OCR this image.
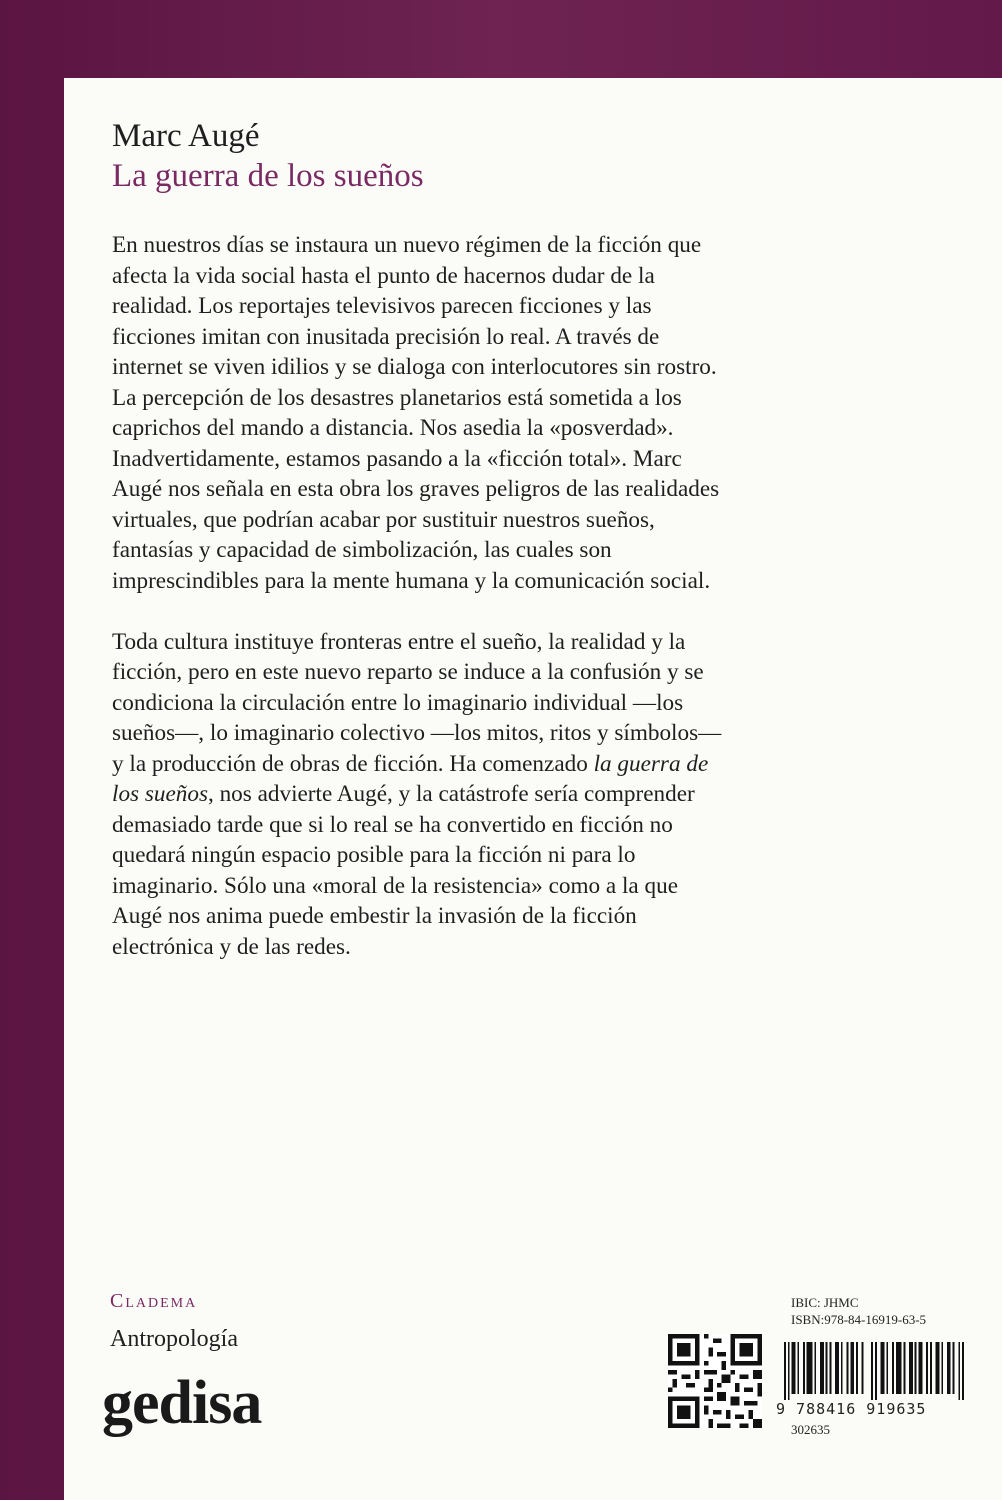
Marc Augé
La guerra de los sueños

En nuestros días se instaura un nuevo régimen de la ficción que afecta la vida social hasta el punto de hacernos dudar de la realidad. Los reportajes televisivos parecen ficciones y las ficciones imitan con inusitada precisión lo real. A través de internet se viven idilios y se dialoga con interlocutores sin rostro. La percepción de los desastres planetarios está sometida a los caprichos del mando a distancia. Nos asedia la «posverdad». Inadvertidamente, estamos pasando a la «ficción total». Marc Augé nos señala en esta obra los graves peligros de las realidades virtuales, que podrían acabar por sustituir nuestros sueños, fantasías y capacidad de simbolización, las cuales son imprescindibles para la mente humana y la comunicación social.

Toda cultura instituye fronteras entre el sueño, la realidad y la ficción, pero en este nuevo reparto se induce a la confusión y se condiciona la circulación entre lo imaginario individual —los sueños—, lo imaginario colectivo —los mitos, ritos y símbolos— y la producción de obras de ficción. Ha comenzado la guerra de los sueños, nos advierte Augé, y la catástrofe sería comprender demasiado tarde que si lo real se ha convertido en ficción no quedará ningún espacio posible para la ficción ni para lo imaginario. Sólo una «moral de la resistencia» como a la que Augé nos anima puede embestir la invasión de la ficción electrónica y de las redes.

Cladema
Antropología
gedisa
IBIC: JHMC
ISBN:978-84-16919-63-5
9 788416 919635
302635
